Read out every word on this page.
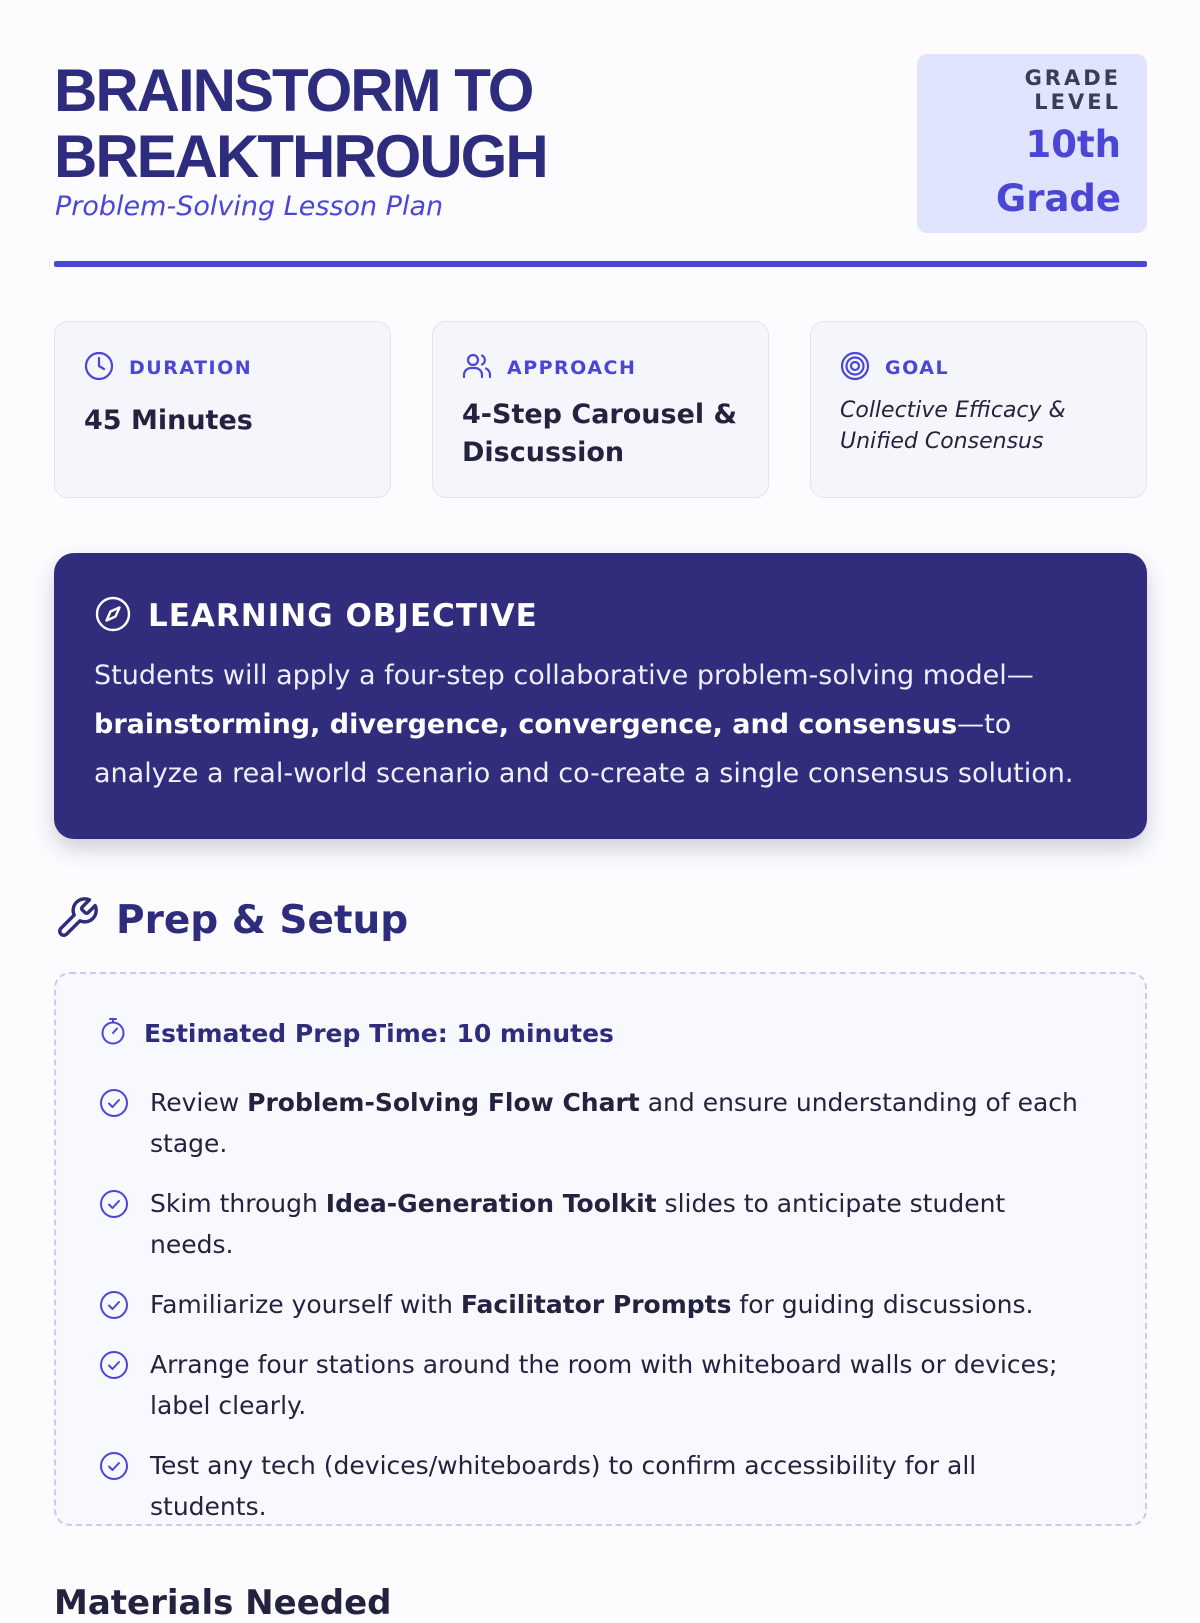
BRAINSTORM TO BREAKTHROUGH

Problem-Solving Lesson Plan

GRADE LEVEL
10th Grade
DURATION
45 Minutes
APPROACH
4-Step Carousel & Discussion
GOAL
Collective Efficacy & Unified Consensus
LEARNING OBJECTIVE

Students will apply a four-step collaborative problem-solving model—brainstorming, divergence, convergence, and consensus—to analyze a real-world scenario and co-create a single consensus solution.

Prep & Setup
Estimated Prep Time: 10 minutes
Review Problem-Solving Flow Chart and ensure understanding of each stage.
Skim through Idea-Generation Toolkit slides to anticipate student needs.
Familiarize yourself with Facilitator Prompts for guiding discussions.
Arrange four stations around the room with whiteboard walls or devices; label clearly.
Test any tech (devices/whiteboards) to confirm accessibility for all students.
Materials Needed
